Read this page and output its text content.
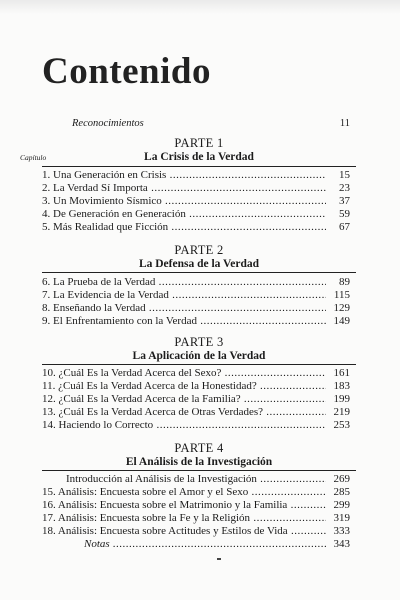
Contenido
Reconocimientos	11
Capítulo
PARTE 1
La Crisis de la Verdad
1. Una Generación en Crisis .....	15
2. La Verdad Sí Importa .....	23
3. Un Movimiento Sísmico .....	37
4. De Generación en Generación .....	59
5. Más Realidad que Ficción .....	67
PARTE 2
La Defensa de la Verdad
6. La Prueba de la Verdad .....	89
7. La Evidencia de la Verdad .....	115
8. Enseñando la Verdad .....	129
9. El Enfrentamiento con la Verdad .....	149
PARTE 3
La Aplicación de la Verdad
10. ¿Cuál Es la Verdad Acerca del Sexo? .....	161
11. ¿Cuál Es la Verdad Acerca de la Honestidad? .....	183
12. ¿Cuál Es la Verdad Acerca de la Familia? .....	199
13. ¿Cuál Es la Verdad Acerca de Otras Verdades? .....	219
14. Haciendo lo Correcto .....	253
PARTE 4
El Análisis de la Investigación
Introducción al Análisis de la Investigación .....	269
15. Análisis: Encuesta sobre el Amor y el Sexo .....	285
16. Análisis: Encuesta sobre el Matrimonio y la Familia .....	299
17. Análisis: Encuesta sobre la Fe y la Religión .....	319
18. Análisis: Encuesta sobre Actitudes y Estilos de Vida .....	333
Notas .....	343
